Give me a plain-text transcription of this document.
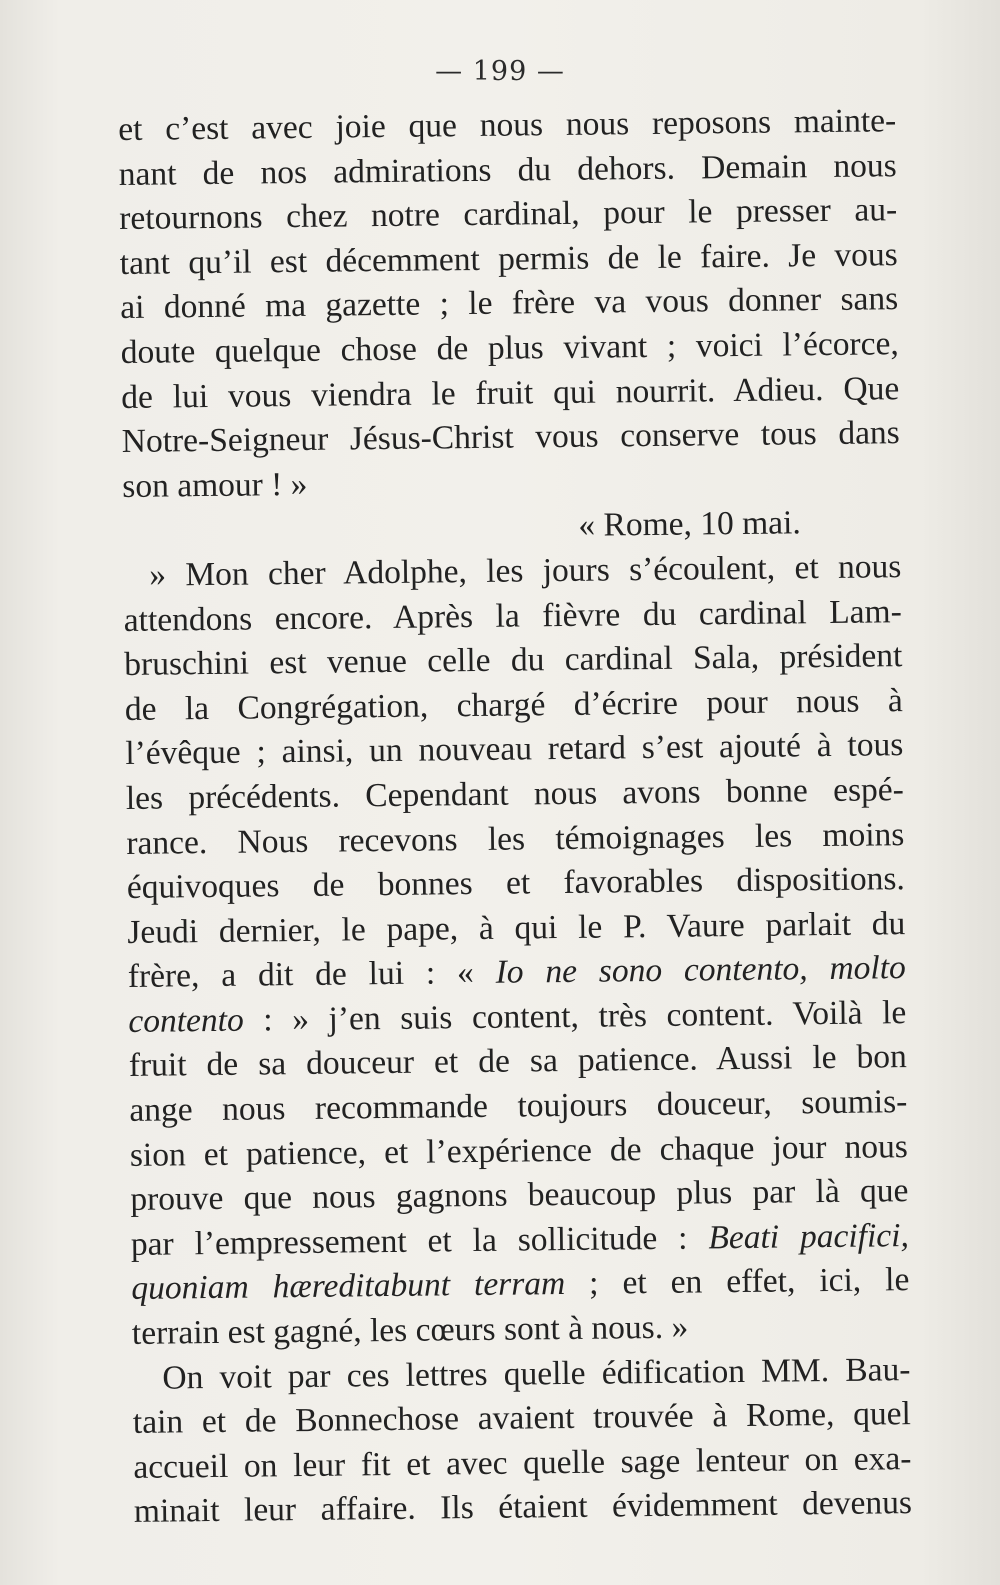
— 199 —
et c’est avec joie que nous nous reposons mainte-
nant de nos admirations du dehors. Demain nous
retournons chez notre cardinal, pour le presser au-
tant qu’il est décemment permis de le faire. Je vous
ai donné ma gazette ; le frère va vous donner sans
doute quelque chose de plus vivant ; voici l’écorce,
de lui vous viendra le fruit qui nourrit. Adieu. Que
Notre-Seigneur Jésus-Christ vous conserve tous dans
son amour ! »
« Rome, 10 mai.
» Mon cher Adolphe, les jours s’écoulent, et nous
attendons encore. Après la fièvre du cardinal Lam-
bruschini est venue celle du cardinal Sala, président
de la Congrégation, chargé d’écrire pour nous à
l’évêque ; ainsi, un nouveau retard s’est ajouté à tous
les précédents. Cependant nous avons bonne espé-
rance. Nous recevons les témoignages les moins
équivoques de bonnes et favorables dispositions.
Jeudi dernier, le pape, à qui le P. Vaure parlait du
frère, a dit de lui : « Io ne sono contento, molto
contento : » j’en suis content, très content. Voilà le
fruit de sa douceur et de sa patience. Aussi le bon
ange nous recommande toujours douceur, soumis-
sion et patience, et l’expérience de chaque jour nous
prouve que nous gagnons beaucoup plus par là que
par l’empressement et la sollicitude : Beati pacifici,
quoniam hæreditabunt terram ; et en effet, ici, le
terrain est gagné, les cœurs sont à nous. »
On voit par ces lettres quelle édification MM. Bau-
tain et de Bonnechose avaient trouvée à Rome, quel
accueil on leur fit et avec quelle sage lenteur on exa-
minait leur affaire. Ils étaient évidemment devenus
